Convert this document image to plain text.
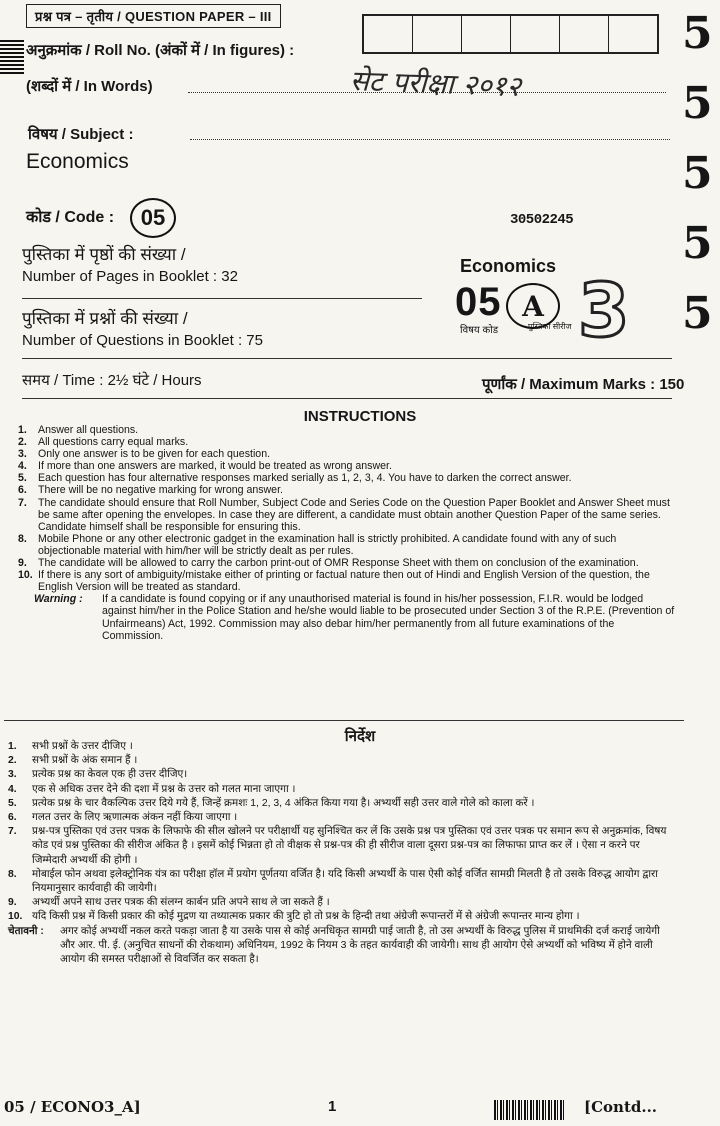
प्रश्न पत्र – तृतीय / QUESTION PAPER – III
अनुक्रमांक / Roll No. (अंकों में / In figures) :
(शब्दों में / In Words)	सेट परीक्षा २०१२
विषय / Subject :
Economics
कोड / Code :	05	30502245
पुस्तिका में पृष्ठों की संख्या /
Number of Pages in Booklet : 32
Economics
05 A
विषय कोड	पुस्तिका सीरीज 3
5
5
5
5
5
पुस्तिका में प्रश्नों की संख्या /
Number of Questions in Booklet : 75
समय / Time : 2½ घंटे / Hours	पूर्णांक / Maximum Marks : 150
INSTRUCTIONS
1.	Answer all questions.
2.	All questions carry equal marks.
3.	Only one answer is to be given for each question.
4.	If more than one answers are marked, it would be treated as wrong answer.
5.	Each question has four alternative responses marked serially as 1, 2, 3, 4. You have to darken the correct answer.
6.	There will be no negative marking for wrong answer.
7.	The candidate should ensure that Roll Number, Subject Code and Series Code on the Question Paper Booklet and Answer Sheet must be same after opening the envelopes. In case they are different, a candidate must obtain another Question Paper of the same series. Candidate himself shall be responsible for ensuring this.
8.	Mobile Phone or any other electronic gadget in the examination hall is strictly prohibited. A candidate found with any of such objectionable material with him/her will be strictly dealt as per rules.
9.	The candidate will be allowed to carry the carbon print-out of OMR Response Sheet with them on conclusion of the examination.
10. If there is any sort of ambiguity/mistake either of printing or factual nature then out of Hindi and English Version of the question, the English Version will be treated as standard.
Warning :	If a candidate is found copying or if any unauthorised material is found in his/her possession, F.I.R. would be lodged against him/her in the Police Station and he/she would liable to be prosecuted under Section 3 of the R.P.E. (Prevention of Unfairmeans) Act, 1992. Commission may also debar him/her permanently from all future examinations of the Commission.
निर्देश
1.	सभी प्रश्नों के उत्तर दीजिए ।
2.	सभी प्रश्नों के अंक समान हैं ।
3.	प्रत्येक प्रश्न का केवल एक ही उत्तर दीजिए।
4.	एक से अधिक उत्तर देने की दशा में प्रश्न के उत्तर को गलत माना जाएगा ।
5.	प्रत्येक प्रश्न के चार वैकल्पिक उत्तर दिये गये हैं, जिन्हें क्रमशः 1, 2, 3, 4 अंकित किया गया है। अभ्यर्थी सही उत्तर वाले गोले को काला करें ।
6.	गलत उत्तर के लिए ऋणात्मक अंकन नहीं किया जाएगा ।
7.	प्रश्न-पत्र पुस्तिका एवं उत्तर पत्रक के लिफाफे की सील खोलने पर परीक्षार्थी यह सुनिश्चित कर लें कि उसके प्रश्न पत्र पुस्तिका एवं उत्तर पत्रक पर समान रूप से अनुक्रमांक, विषय कोड एवं प्रश्न पुस्तिका की सीरीज अंकित है । इसमें कोई भिन्नता हो तो वीक्षक से प्रश्न-पत्र की ही सीरीज वाला दूसरा प्रश्न-पत्र का लिफाफा प्राप्त कर लें । ऐसा न करने पर जिम्मेदारी अभ्यर्थी की होगी ।
8.	मोबाईल फोन अथवा इलेक्ट्रोनिक यंत्र का परीक्षा हॉल में प्रयोग पूर्णतया वर्जित है। यदि किसी अभ्यर्थी के पास ऐसी कोई वर्जित सामग्री मिलती है तो उसके विरुद्ध आयोग द्वारा नियमानुसार कार्यवाही की जायेगी।
9.	अभ्यर्थी अपने साथ उत्तर पत्रक की संलग्न कार्बन प्रति अपने साथ ले जा सकते हैं ।
10. यदि किसी प्रश्न में किसी प्रकार की कोई मुद्रण या तथ्यात्मक प्रकार की त्रुटि हो तो प्रश्न के हिन्दी तथा अंग्रेजी रूपान्तरों में से अंग्रेजी रूपान्तर मान्य होगा ।
चेतावनी :	अगर कोई अभ्यर्थी नकल करते पकड़ा जाता है या उसके पास से कोई अनधिकृत सामग्री पाई जाती है, तो उस अभ्यर्थी के विरुद्ध पुलिस में प्राथमिकी दर्ज कराई जायेगी और आर. पी. ई. (अनुचित साधनों की रोकथाम) अधिनियम, 1992 के नियम 3 के तहत कार्यवाही की जायेगी। साथ ही आयोग ऐसे अभ्यर्थी को भविष्य में होने वाली आयोग की समस्त परीक्षाओं से विवर्जित कर सकता है।
05 / ECONO3_A]	1	[Contd...
